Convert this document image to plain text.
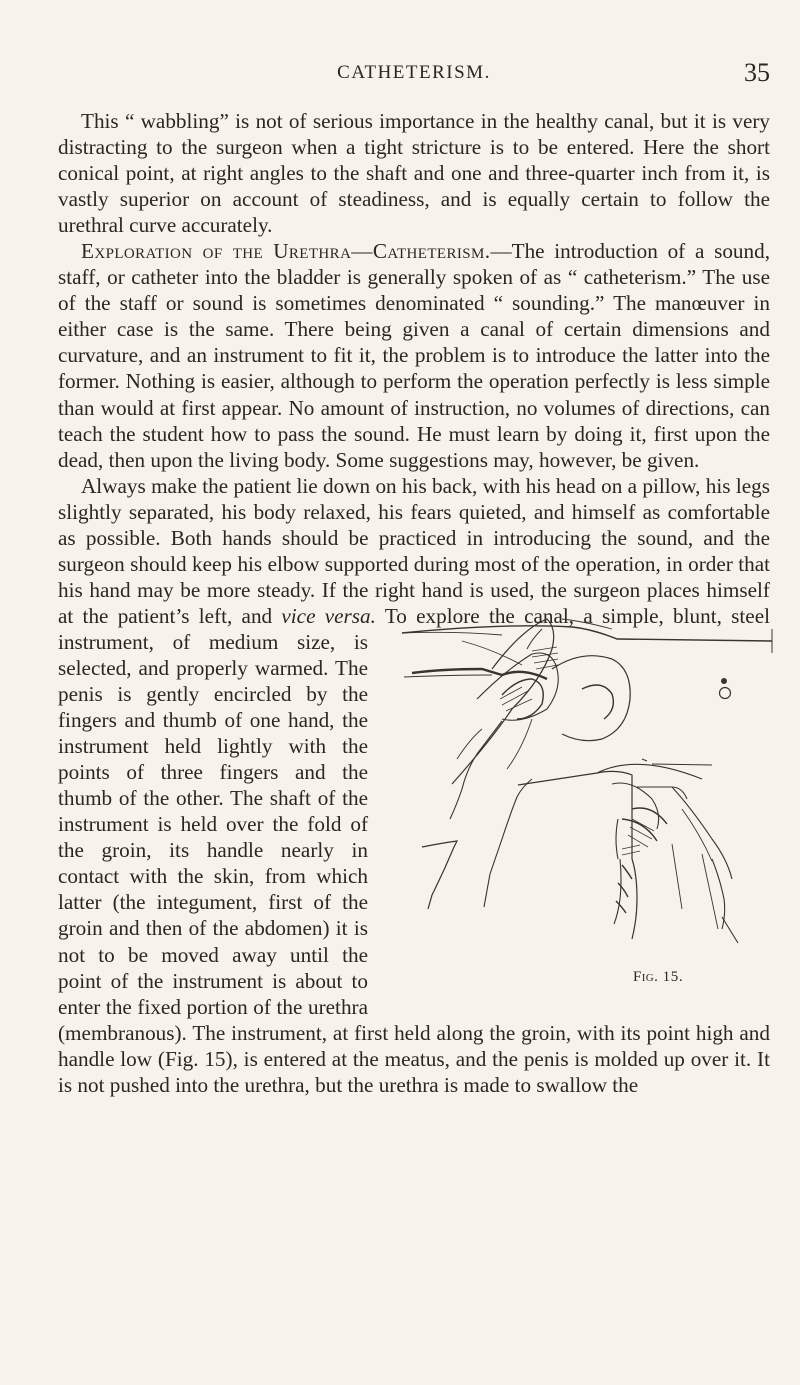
CATHETERISM.	35

This “ wabbling” is not of serious importance in the healthy canal, but it is very distracting to the surgeon when a tight stricture is to be entered. Here the short conical point, at right angles to the shaft and one and three-quarter inch from it, is vastly superior on account of steadiness, and is equally certain to follow the urethral curve accurately.

Exploration of the Urethra—Catheterism.—The introduction of a sound, staff, or catheter into the bladder is generally spoken of as “ catheterism.” The use of the staff or sound is sometimes denominated “ sounding.” The manœuver in either case is the same. There being given a canal of certain dimensions and curvature, and an instrument to fit it, the problem is to introduce the latter into the former. Nothing is easier, although to perform the operation perfectly is less simple than would at first appear. No amount of instruction, no volumes of directions, can teach the student how to pass the sound. He must learn by doing it, first upon the dead, then upon the living body. Some suggestions may, however, be given.

Always make the patient lie down on his back, with his head on a pillow, his legs slightly separated, his body relaxed, his fears quieted, and himself as comfortable as possible. Both hands should be practiced in introducing the sound, and the surgeon should keep his elbow supported during most of the operation, in order that his hand may be more steady. If the right hand is used, the surgeon places himself at the patient’s left, and
Fig. 15.
vice versa. To explore the canal, a simple, blunt, steel instrument, of medium size, is selected, and properly warmed. The penis is gently encircled by the fingers and thumb of one hand, the instrument held lightly with the points of three fingers and the thumb of the other. The shaft of the instrument is held over the fold of the groin, its handle nearly in contact with the skin, from which latter (the integument, first of the groin and then of the abdomen) it is not to be moved away until the point of the instrument is about to enter the fixed portion of the urethra (membranous). The instrument, at first held along the groin, with its point high and handle low (Fig. 15), is entered at the meatus, and the penis is molded up over it. It is not pushed into the urethra, but the urethra is made to swallow the
